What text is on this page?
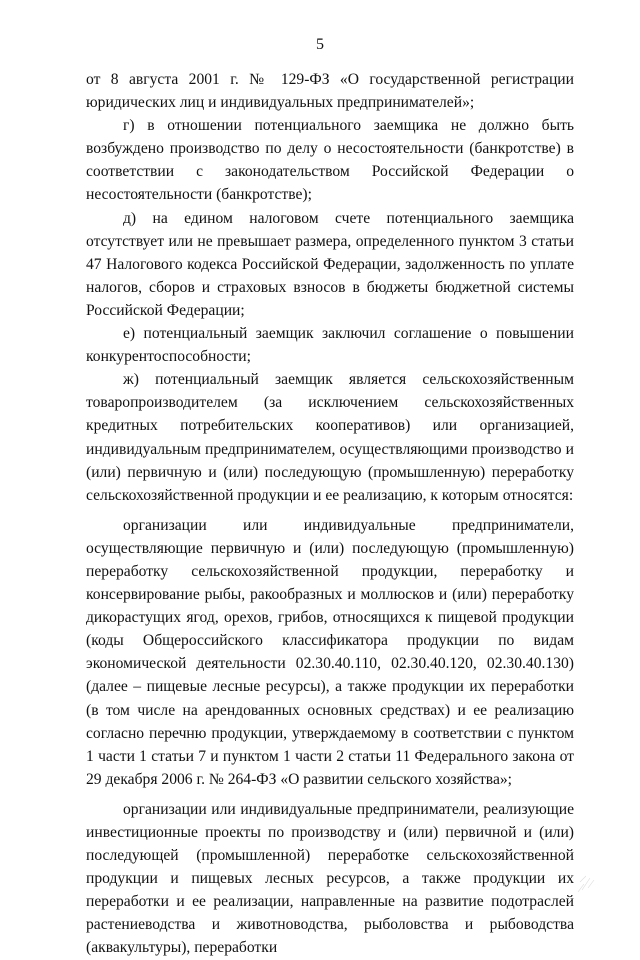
5

от 8 августа 2001 г. № 129-ФЗ «О государственной регистрации юридических лиц и индивидуальных предпринимателей»;

г) в отношении потенциального заемщика не должно быть возбуждено производство по делу о несостоятельности (банкротстве) в соответствии с законодательством Российской Федерации о несостоятельности (банкротстве);

д) на едином налоговом счете потенциального заемщика отсутствует или не превышает размера, определенного пунктом 3 статьи 47 Налогового кодекса Российской Федерации, задолженность по уплате налогов, сборов и страховых взносов в бюджеты бюджетной системы Российской Федерации;

е) потенциальный заемщик заключил соглашение о повышении конкурентоспособности;

ж) потенциальный заемщик является сельскохозяйственным товаропроизводителем (за исключением сельскохозяйственных кредитных потребительских кооперативов) или организацией, индивидуальным предпринимателем, осуществляющими производство и (или) первичную и (или) последующую (промышленную) переработку сельскохозяйственной продукции и ее реализацию, к которым относятся:

организации или индивидуальные предприниматели, осуществляющие первичную и (или) последующую (промышленную) переработку сельскохозяйственной продукции, переработку и консервирование рыбы, ракообразных и моллюсков и (или) переработку дикорастущих ягод, орехов, грибов, относящихся к пищевой продукции (коды Общероссийского классификатора продукции по видам экономической деятельности 02.30.40.110, 02.30.40.120, 02.30.40.130) (далее – пищевые лесные ресурсы), а также продукции их переработки (в том числе на арендованных основных средствах) и ее реализацию согласно перечню продукции, утверждаемому в соответствии с пунктом 1 части 1 статьи 7 и пунктом 1 части 2 статьи 11 Федерального закона от 29 декабря 2006 г. № 264-ФЗ «О развитии сельского хозяйства»;

организации или индивидуальные предприниматели, реализующие инвестиционные проекты по производству и (или) первичной и (или) последующей (промышленной) переработке сельскохозяйственной продукции и пищевых лесных ресурсов, а также продукции их переработки и ее реализации, направленные на развитие подотраслей растениеводства и животноводства, рыболовства и рыбоводства (аквакультуры), переработки
